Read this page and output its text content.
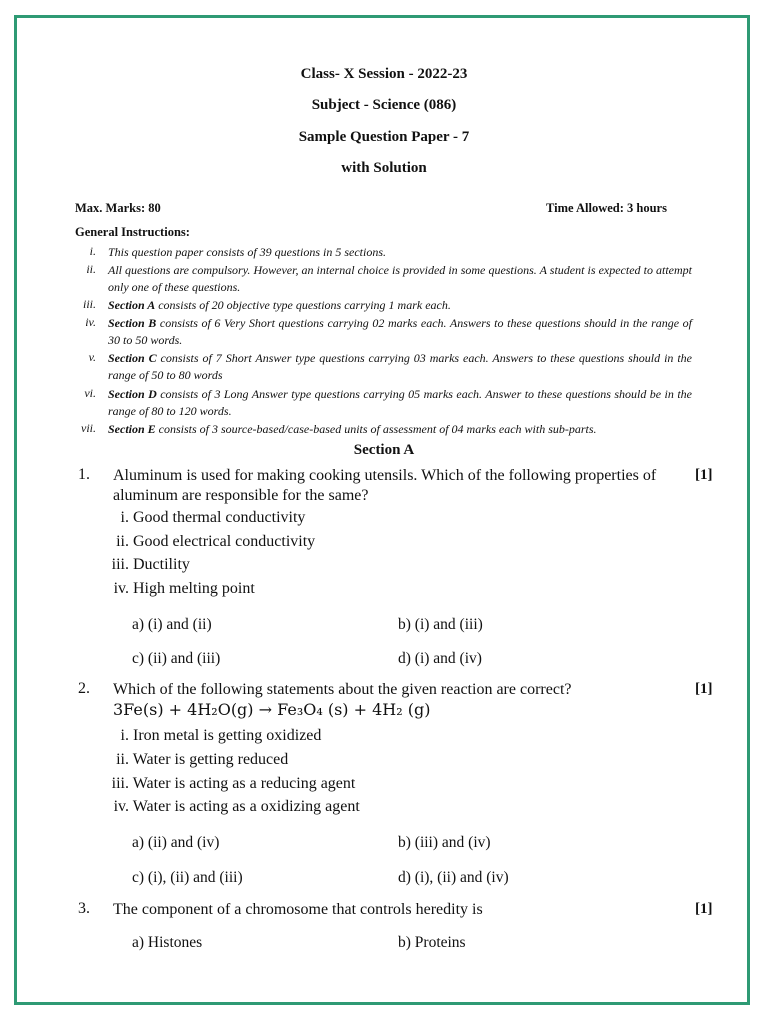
Class- X Session - 2022-23
Subject - Science (086)
Sample Question Paper - 7
with Solution
Max. Marks: 80	Time Allowed: 3 hours
General Instructions:
i. This question paper consists of 39 questions in 5 sections.
ii. All questions are compulsory. However, an internal choice is provided in some questions. A student is expected to attempt only one of these questions.
iii. Section A consists of 20 objective type questions carrying 1 mark each.
iv. Section B consists of 6 Very Short questions carrying 02 marks each. Answers to these questions should in the range of 30 to 50 words.
v. Section C consists of 7 Short Answer type questions carrying 03 marks each. Answers to these questions should in the range of 50 to 80 words
vi. Section D consists of 3 Long Answer type questions carrying 05 marks each. Answer to these questions should be in the range of 80 to 120 words.
vii. Section E consists of 3 source-based/case-based units of assessment of 04 marks each with sub-parts.
Section A
1. Aluminum is used for making cooking utensils. Which of the following properties of aluminum are responsible for the same?
[1]
i. Good thermal conductivity
ii. Good electrical conductivity
iii. Ductility
iv. High melting point
a) (i) and (ii)	b) (i) and (iii)
c) (ii) and (iii)	d) (i) and (iv)
2. Which of the following statements about the given reaction are correct?	[1]
3Fe(s) + 4H₂O(g) → Fe₃O₄ (s) + 4H₂ (g)
i. Iron metal is getting oxidized
ii. Water is getting reduced
iii. Water is acting as a reducing agent
iv. Water is acting as a oxidizing agent
a) (ii) and (iv)	b) (iii) and (iv)
c) (i), (ii) and (iii)	d) (i), (ii) and (iv)
3. The component of a chromosome that controls heredity is	[1]
a) Histones	b) Proteins
